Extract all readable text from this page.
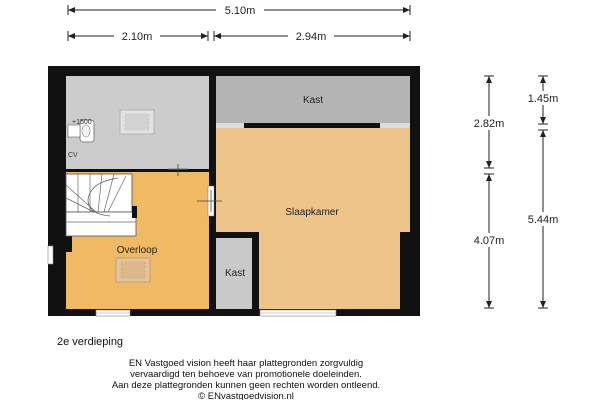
5.10m
2.10m	2.94m
2.82m
4.07m
1.45m
5.44m
+1500
CV
Kast
Slaapkamer
Overloop
Kast
2e verdieping
EN Vastgoed vision heeft haar plattegronden zorgvuldig
vervaardigd ten behoeve van promotionele doeleinden.
Aan deze plattegronden kunnen geen rechten worden ontleend.
© ENvastgoedvision.nl
